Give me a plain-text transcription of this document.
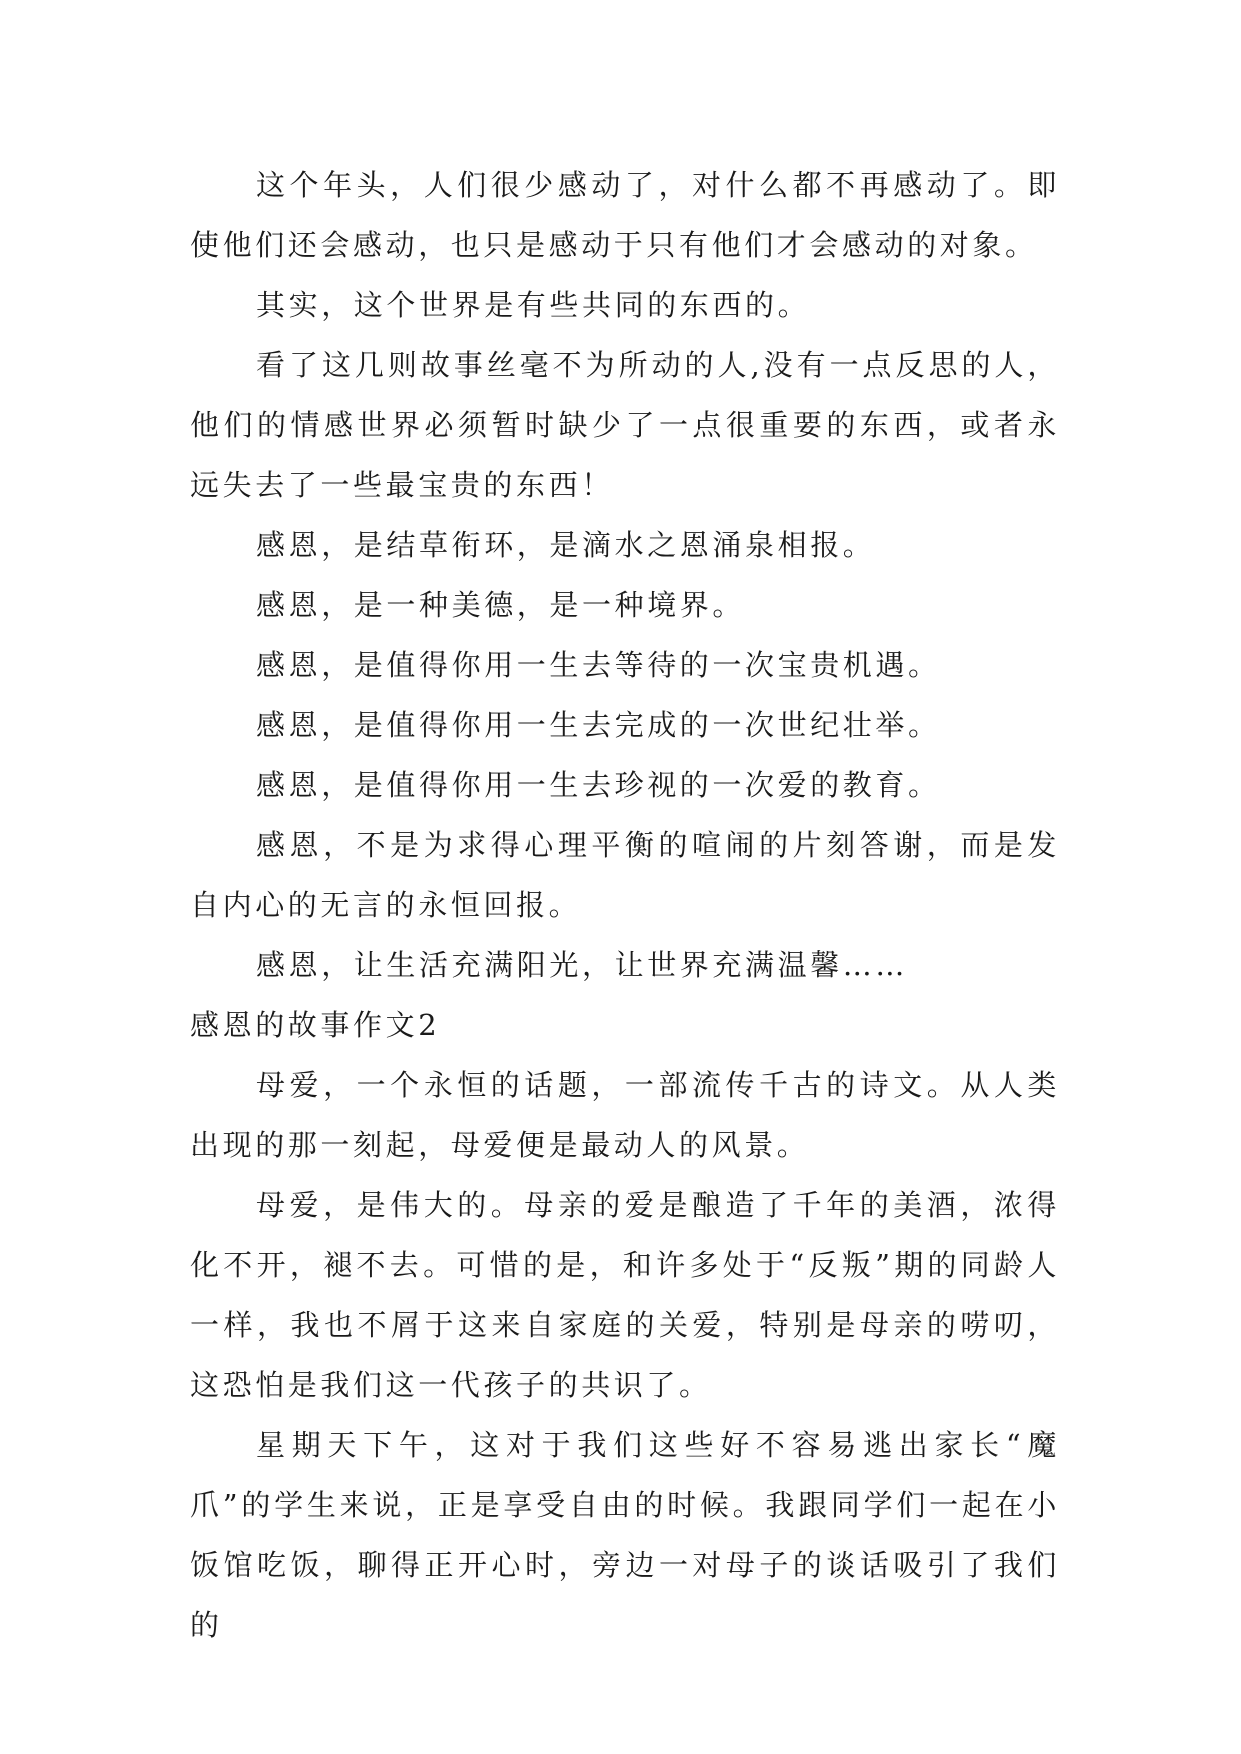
这个年头，人们很少感动了，对什么都不再感动了。即使他们还会感动，也只是感动于只有他们才会感动的对象。

其实，这个世界是有些共同的东西的。

看了这几则故事丝毫不为所动的人,没有一点反思的人，他们的情感世界必须暂时缺少了一点很重要的东西，或者永远失去了一些最宝贵的东西！

感恩，是结草衔环，是滴水之恩涌泉相报。

感恩，是一种美德，是一种境界。

感恩，是值得你用一生去等待的一次宝贵机遇。

感恩，是值得你用一生去完成的一次世纪壮举。

感恩，是值得你用一生去珍视的一次爱的教育。

感恩，不是为求得心理平衡的喧闹的片刻答谢，而是发自内心的无言的永恒回报。

感恩，让生活充满阳光，让世界充满温馨……

感恩的故事作文2

母爱，一个永恒的话题，一部流传千古的诗文。从人类出现的那一刻起，母爱便是最动人的风景。

母爱，是伟大的。母亲的爱是酿造了千年的美酒，浓得化不开，褪不去。可惜的是，和许多处于“反叛”期的同龄人一样，我也不屑于这来自家庭的关爱，特别是母亲的唠叨，这恐怕是我们这一代孩子的共识了。

星期天下午，这对于我们这些好不容易逃出家长“魔爪”的学生来说，正是享受自由的时候。我跟同学们一起在小饭馆吃饭，聊得正开心时，旁边一对母子的谈话吸引了我们的
